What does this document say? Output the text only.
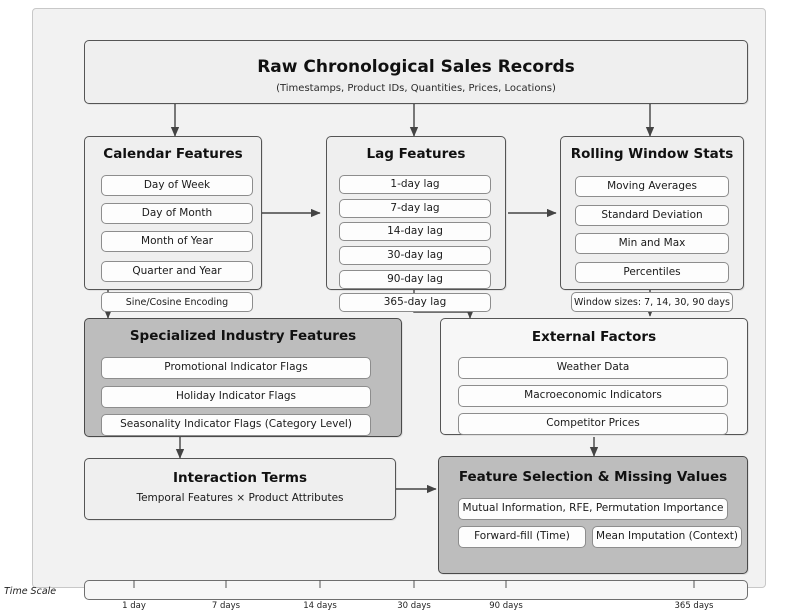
Raw Chronological Sales Records
(Timestamps, Product IDs, Quantities, Prices, Locations)
Calendar Features
Day of Week
Day of Month
Month of Year
Quarter and Year
Sine/Cosine Encoding
Lag Features
1-day lag
7-day lag
14-day lag
30-day lag
90-day lag
365-day lag
Rolling Window Stats
Moving Averages
Standard Deviation
Min and Max
Percentiles
Window sizes: 7, 14, 30, 90 days
Specialized Industry Features
Promotional Indicator Flags
Holiday Indicator Flags
Seasonality Indicator Flags (Category Level)
External Factors
Weather Data
Macroeconomic Indicators
Competitor Prices
Interaction Terms
Temporal Features × Product Attributes
Feature Selection & Missing Values
Mutual Information, RFE, Permutation Importance
Forward-fill (Time)	Mean Imputation (Context)
Time Scale
1 day	7 days	14 days	30 days	90 days	365 days
